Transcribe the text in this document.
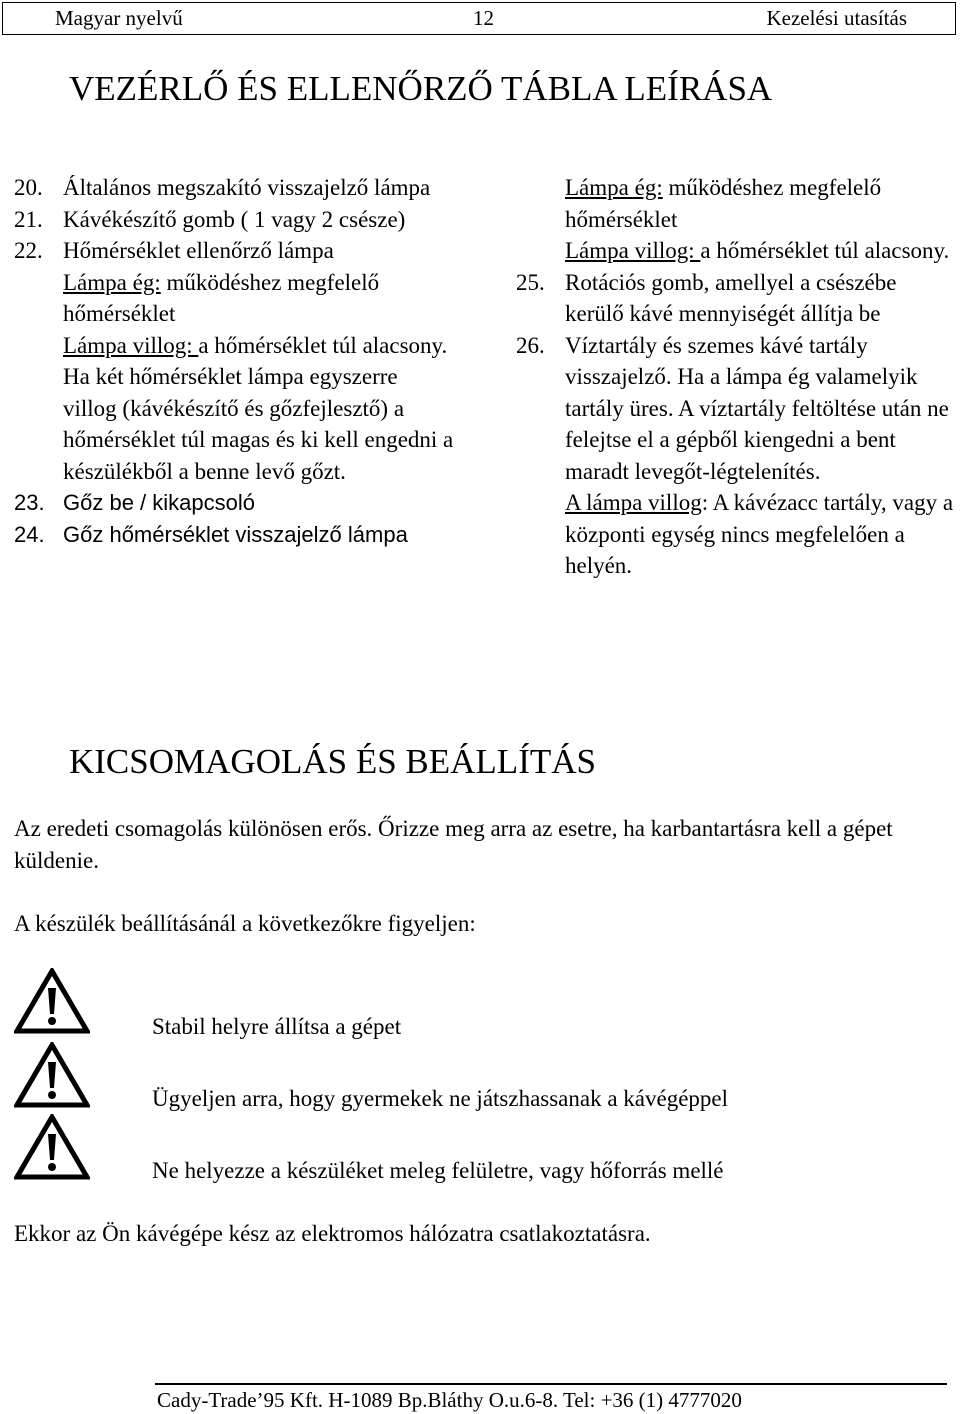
Magyar nyelvű	12	Kezelési utasítás
VEZÉRLŐ ÉS ELLENŐRZŐ TÁBLA LEÍRÁSA
20. Általános megszakító visszajelző lámpa
21. Kávékészítő gomb ( 1 vagy 2 csésze)
22. Hőmérséklet ellenőrző lámpa
Lámpa ég: működéshez megfelelő hőmérséklet
Lámpa villog: a hőmérséklet túl alacsony. Ha két hőmérséklet lámpa egyszerre villog (kávékészítő és gőzfejlesztő) a hőmérséklet túl magas és ki kell engedni a készülékből a benne levő gőzt.
23. Gőz be / kikapcsoló
24. Gőz hőmérséklet visszajelző lámpa
Lámpa ég: működéshez megfelelő hőmérséklet
Lámpa villog: a hőmérséklet túl alacsony.
25. Rotációs gomb, amellyel a csészébe kerülő kávé mennyiségét állítja be
26. Víztartály és szemes kávé tartály visszajelző. Ha a lámpa ég valamelyik tartály üres. A víztartály feltöltése után ne felejtse el a gépből kiengedni a bent maradt levegőt-légtelenítés.
A lámpa villog: A kávézacc tartály, vagy a központi egység nincs megfelelően a helyén.
KICSOMAGOLÁS ÉS BEÁLLÍTÁS
Az eredeti csomagolás különösen erős. Őrizze meg arra az esetre, ha karbantartásra kell a gépet küldenie.
A készülék beállításánál a következőkre figyeljen:
Stabil helyre állítsa a gépet
Ügyeljen arra, hogy gyermekek ne játszhassanak a kávégéppel
Ne helyezze a készüléket meleg felületre, vagy hőforrás mellé
Ekkor az Ön kávégépe kész az elektromos hálózatra csatlakoztatásra.
Cady-Trade’95 Kft. H-1089 Bp.Bláthy O.u.6-8. Tel: +36 (1) 4777020
